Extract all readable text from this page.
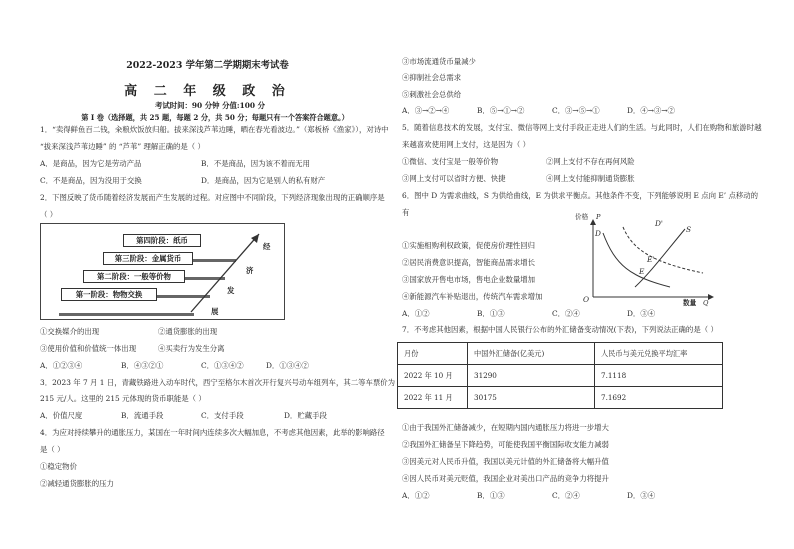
2022-2023 学年第二学期期末考试卷
高 二 年 级 政 治
考试时间：90 分钟 分值:100 分
第 I 卷（选择题，共 25 题，每题 2 分，共 50 分；每题只有一个答案符合题意。）
1．“卖得鲜鱼百二钱，籴粮炊饭放归船。拔来深浅芦苇边睡，晒在春光看波边。”（郑板桥《渔家》），对诗中
“拔来深浅芦苇边睡” 的 “芦苇” 理解正确的是（ ）
A．是商品，因为它是劳动产品	B．不是商品，因为该不着而无用
C．不是商品，因为没用于交换	D．是商品，因为它是别人的私有财产
2．下图反映了货币随着经济发展而产生发展的过程。对应图中不同阶段，下列经济现象出现的正确顺序是
（ ）
第四阶段：纸币
第三阶段：金属货币
第二阶段：一般等价物
第一阶段：物物交换
经
济
发
展
①交换媒介的出现	②通货膨胀的出现
③使用价值和价值统一体出现	④买卖行为发生分离
A．①②③④	B．④③②①	C．①③④②	D．①③④②
3．2023 年 7 月 1 日，青藏铁路进入动车时代，西宁至格尔木首次开行复兴号动车组列车，其二等车票价为
215 元/人。这里的 215 元体现的货币职能是（ ）
A．价值尺度	B．流通手段	C．支付手段	D．贮藏手段
4．为应对持续攀升的通胀压力，某国在一年时间内连续多次大幅加息，不考虑其他因素，此举的影响路径
是（ ）
①稳定物价
②减轻通货膨胀的压力
③市场流通货币量减少
④抑制社会总需求
⑤刺激社会总供给
A．③→②→④	B．⑤→①→②	C．③→⑤→①	D．④→③→②
5．随着信息技术的发展，支付宝、微信等网上支付手段正走进人们的生活。与此同时，人们在购物和旅游时越
来越喜欢使用网上支付，这是因为（ ）
①微信、支付宝是一般等价物	②网上支付不存在再何风险
③网上支付可以省时方便、快捷	④网上支付能抑制通货膨胀
6．图中 D 为需求曲线，S 为供给曲线，E 为供求平衡点。其他条件不变，下列能够说明 E 点向 E’ 点移动的
有
①实施相购利权政策，促使房价理性回归
②居民消费意识提高，智能商品需求增长
③国家放开售电市场，售电企业数量增加
④新能源汽车补贴退出，传统汽车需求增加
A．①②	B．①③	C．②④	D．③④
价格 P
D	S
D'
E'
E
O	数量 Q
7．不考虑其他因素，根据中国人民银行公布的外汇储备变动情况(下表)，下列说法正确的是（ ）
月份	中国外汇储备(亿美元)	人民币与美元兑换平均汇率
2022 年 10 月	31290	7.1118
2022 年 11 月	30175	7.1692
①由于我国外汇储备减少，在短期内国内通胀压力将进一步增大
②我国外汇储备呈下降趋势，可能使我国平衡国际收支能力减弱
③因美元对人民币升值，我国以美元计值的外汇储备将大幅升值
④因人民币对美元贬值，我国企业对美出口产品的竞争力将提升
A．①②	B．①③	C．②④	D．③④
